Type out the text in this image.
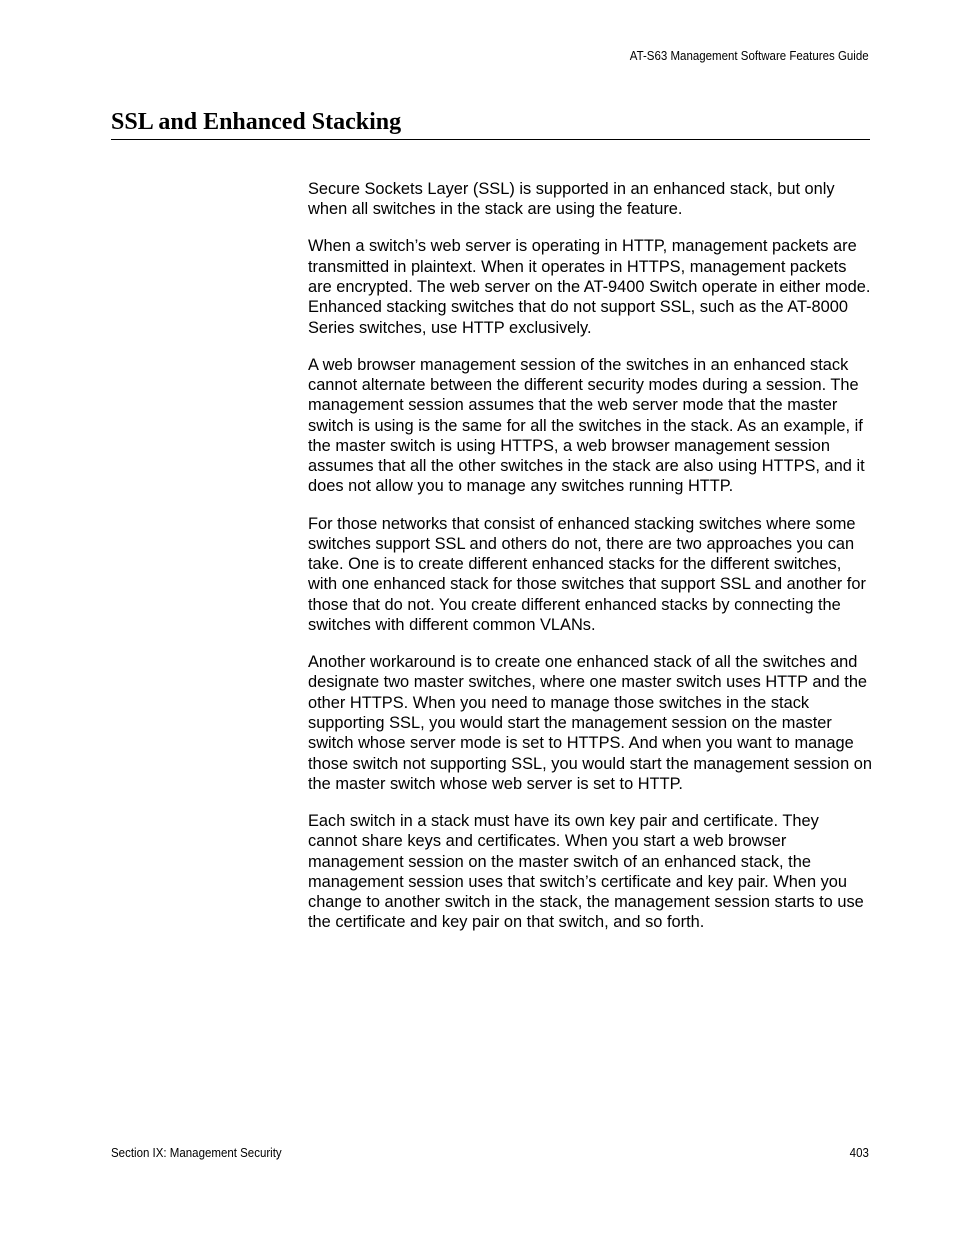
AT-S63 Management Software Features Guide
SSL and Enhanced Stacking

Secure Sockets Layer (SSL) is supported in an enhanced stack, but only when all switches in the stack are using the feature.

When a switch’s web server is operating in HTTP, management packets are transmitted in plaintext. When it operates in HTTPS, management packets are encrypted. The web server on the AT-9400 Switch operate in either mode. Enhanced stacking switches that do not support SSL, such as the AT-8000 Series switches, use HTTP exclusively.

A web browser management session of the switches in an enhanced stack cannot alternate between the different security modes during a session. The management session assumes that the web server mode that the master switch is using is the same for all the switches in the stack. As an example, if the master switch is using HTTPS, a web browser management session assumes that all the other switches in the stack are also using HTTPS, and it does not allow you to manage any switches running HTTP.

For those networks that consist of enhanced stacking switches where some switches support SSL and others do not, there are two approaches you can take. One is to create different enhanced stacks for the different switches, with one enhanced stack for those switches that support SSL and another for those that do not. You create different enhanced stacks by connecting the switches with different common VLANs.

Another workaround is to create one enhanced stack of all the switches and designate two master switches, where one master switch uses HTTP and the other HTTPS. When you need to manage those switches in the stack supporting SSL, you would start the management session on the master switch whose server mode is set to HTTPS. And when you want to manage those switch not supporting SSL, you would start the management session on the master switch whose web server is set to HTTP.

Each switch in a stack must have its own key pair and certificate. They cannot share keys and certificates. When you start a web browser management session on the master switch of an enhanced stack, the management session uses that switch’s certificate and key pair. When you change to another switch in the stack, the management session starts to use the certificate and key pair on that switch, and so forth.

Section IX: Management Security	403
